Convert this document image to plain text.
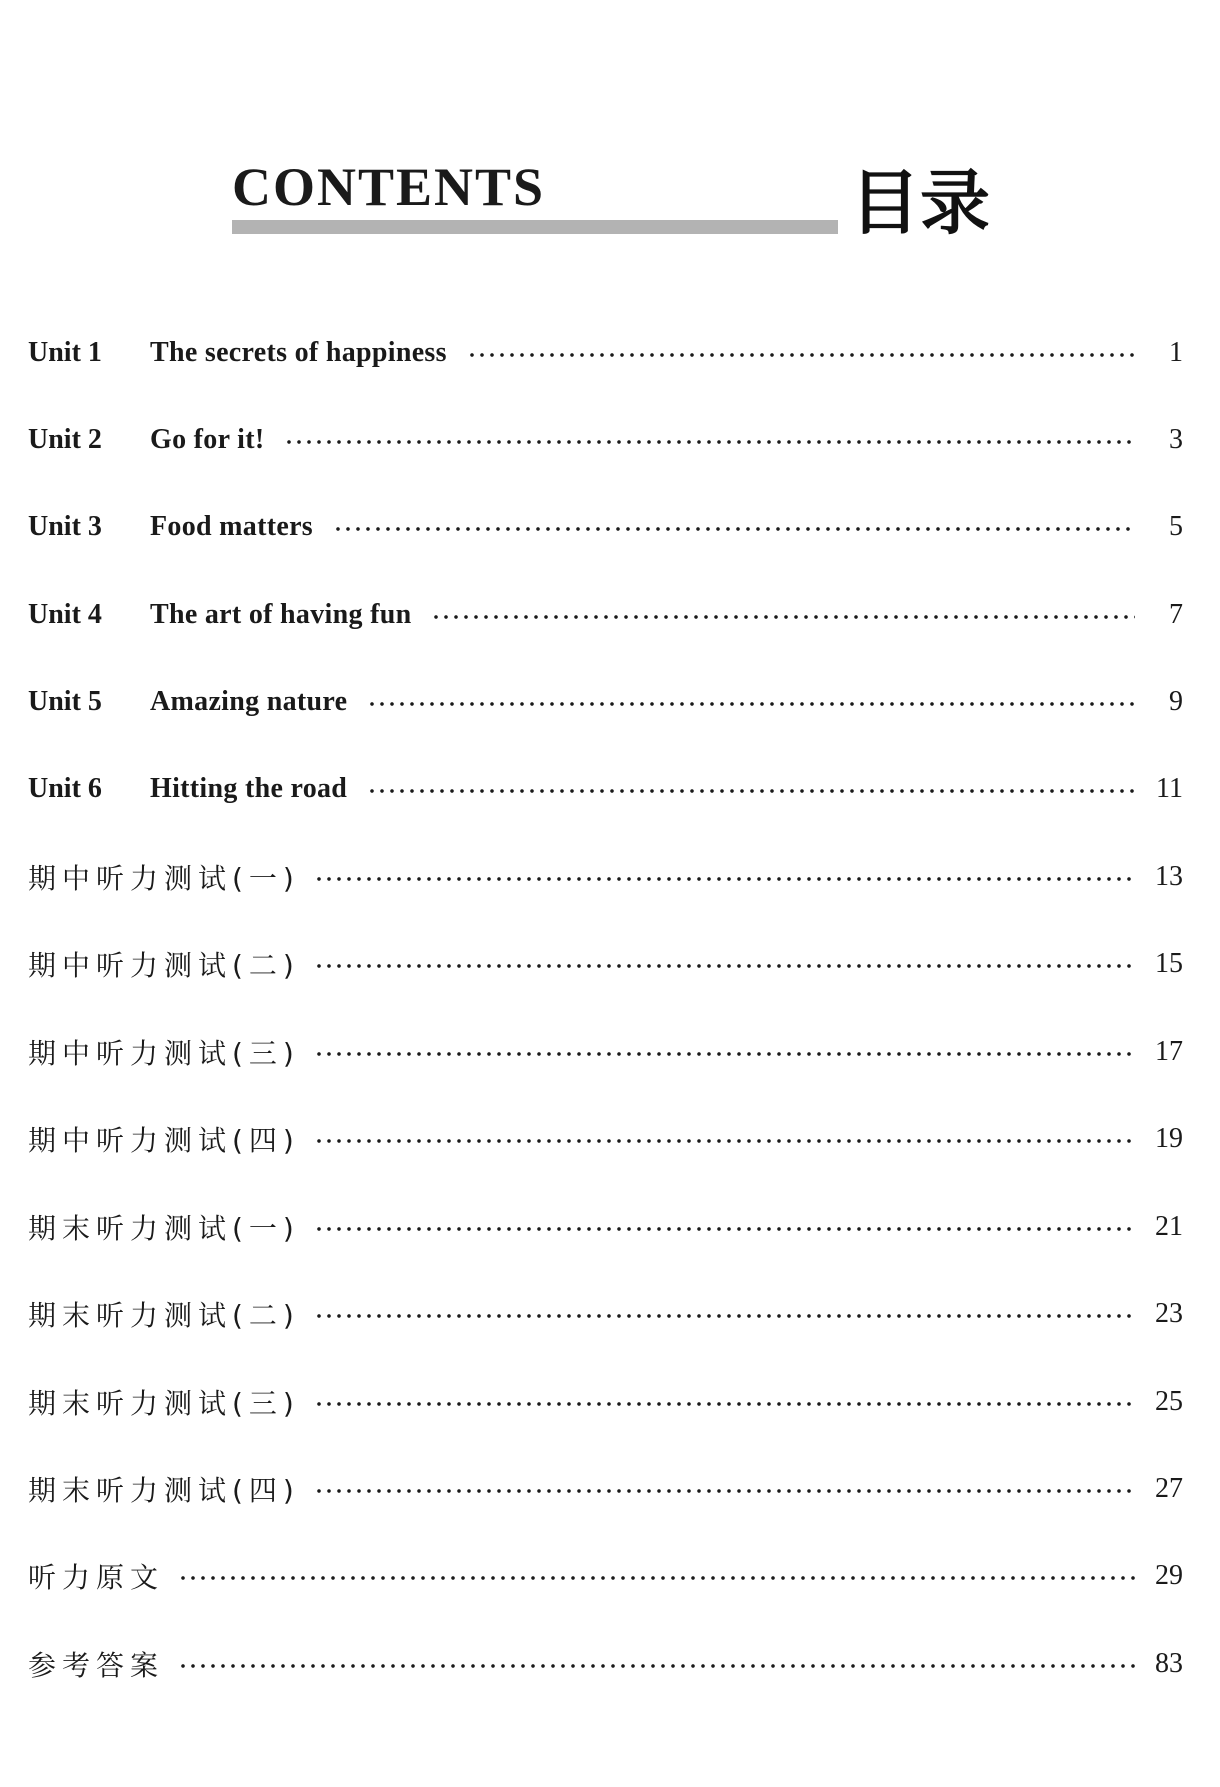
CONTENTS	目录
Unit 1	The secrets of happiness	1
Unit 2	Go for it!	3
Unit 3	Food matters	5
Unit 4	The art of having fun	7
Unit 5	Amazing nature	9
Unit 6	Hitting the road	11
期中听力测试(一)	13
期中听力测试(二)	15
期中听力测试(三)	17
期中听力测试(四)	19
期末听力测试(一)	21
期末听力测试(二)	23
期末听力测试(三)	25
期末听力测试(四)	27
听力原文	29
参考答案	83
